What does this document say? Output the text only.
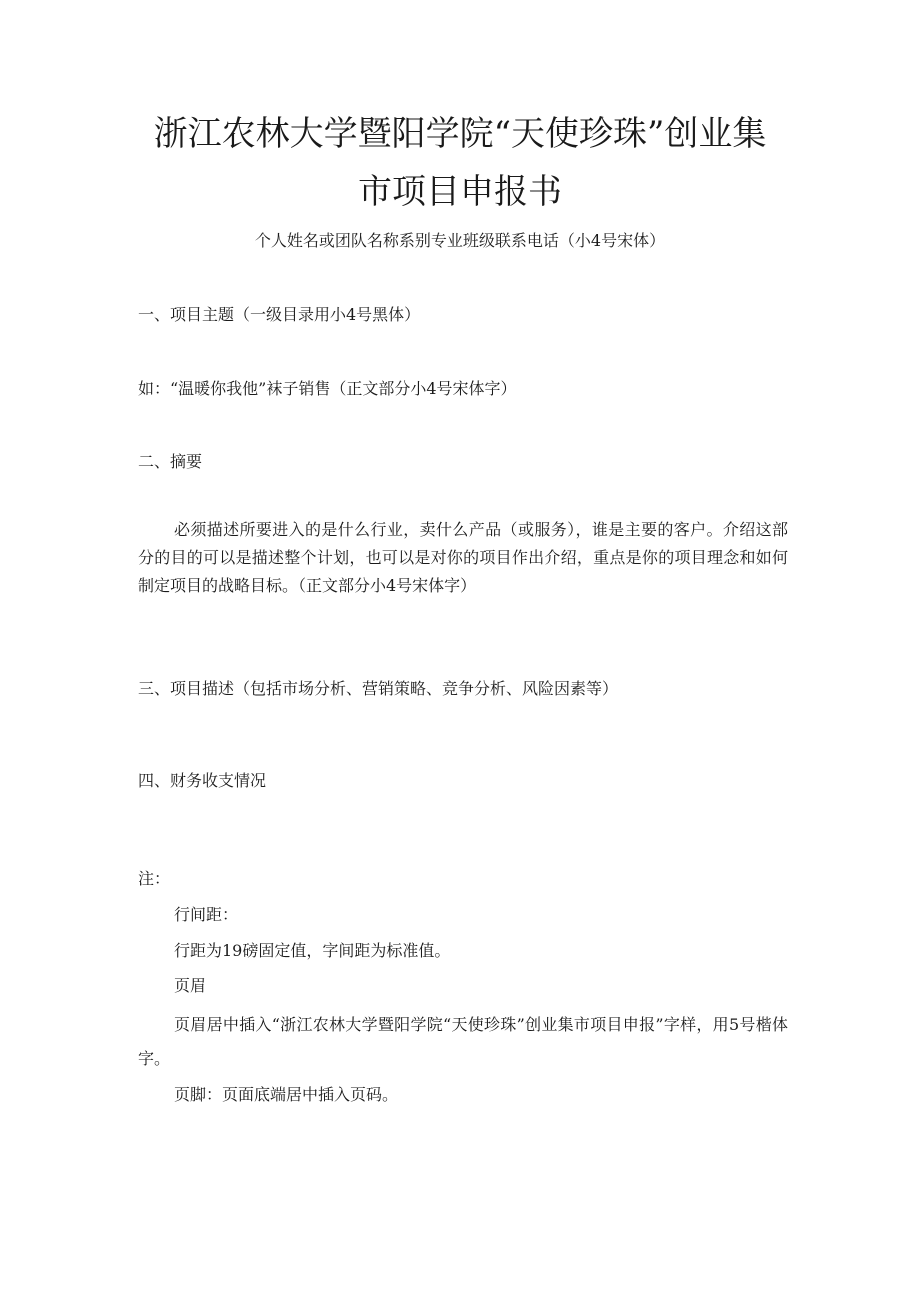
浙江农林大学暨阳学院“天使珍珠”创业集
市项目申报书
个人姓名或团队名称系别专业班级联系电话（小4号宋体）
一、项目主题（一级目录用小4号黑体）
如：“温暖你我他”袜子销售（正文部分小4号宋体字）
二、摘要
必须描述所要进入的是什么行业，卖什么产品（或服务），谁是主要的客户。介绍这部分的目的可以是描述整个计划，也可以是对你的项目作出介绍，重点是你的项目理念和如何制定项目的战略目标。（正文部分小4号宋体字）
三、项目描述（包括市场分析、营销策略、竞争分析、风险因素等）
四、财务收支情况
注：
行间距：
行距为19磅固定值，字间距为标准值。
页眉
页眉居中插入“浙江农林大学暨阳学院“天使珍珠”创业集市项目申报”字样，用5号楷体字。
页脚：页面底端居中插入页码。
